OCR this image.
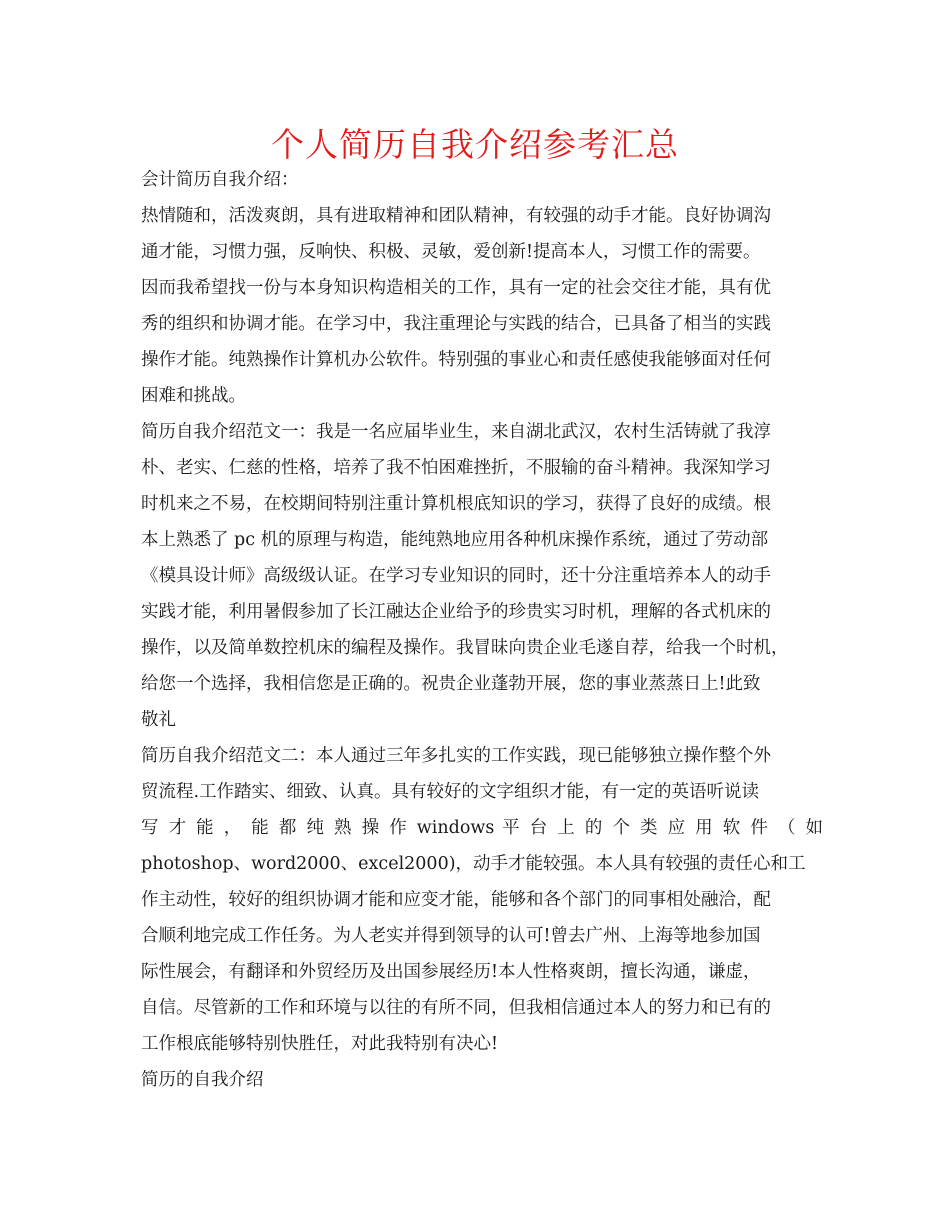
个人简历自我介绍参考汇总
会计简历自我介绍：
热情随和，活泼爽朗，具有进取精神和团队精神，有较强的动手才能。良好协调沟
通才能，习惯力强，反响快、积极、灵敏，爱创新!提高本人，习惯工作的需要。
因而我希望找一份与本身知识构造相关的工作，具有一定的社会交往才能，具有优
秀的组织和协调才能。在学习中，我注重理论与实践的结合，已具备了相当的实践
操作才能。纯熟操作计算机办公软件。特别强的事业心和责任感使我能够面对任何
困难和挑战。
简历自我介绍范文一：我是一名应届毕业生，来自湖北武汉，农村生活铸就了我淳
朴、老实、仁慈的性格，培养了我不怕困难挫折，不服输的奋斗精神。我深知学习
时机来之不易，在校期间特别注重计算机根底知识的学习，获得了良好的成绩。根
本上熟悉了 pc 机的原理与构造，能纯熟地应用各种机床操作系统，通过了劳动部
《模具设计师》高级级认证。在学习专业知识的同时，还十分注重培养本人的动手
实践才能，利用暑假参加了长江融达企业给予的珍贵实习时机，理解的各式机床的
操作，以及简单数控机床的编程及操作。我冒昧向贵企业毛遂自荐，给我一个时机，
给您一个选择，我相信您是正确的。祝贵企业蓬勃开展，您的事业蒸蒸日上!此致
敬礼
简历自我介绍范文二：本人通过三年多扎实的工作实践，现已能够独立操作整个外
贸流程.工作踏实、细致、认真。具有较好的文字组织才能，有一定的英语听说读
写 才 能 ， 能 都 纯 熟 操 作 windows 平 台 上 的 个 类 应 用 软 件 （ 如
photoshop、word2000、excel2000)，动手才能较强。本人具有较强的责任心和工
作主动性，较好的组织协调才能和应变才能，能够和各个部门的同事相处融洽，配
合顺利地完成工作任务。为人老实并得到领导的认可!曾去广州、上海等地参加国
际性展会，有翻译和外贸经历及出国参展经历!本人性格爽朗，擅长沟通，谦虚，
自信。尽管新的工作和环境与以往的有所不同，但我相信通过本人的努力和已有的
工作根底能够特别快胜任，对此我特别有决心!
简历的自我介绍
